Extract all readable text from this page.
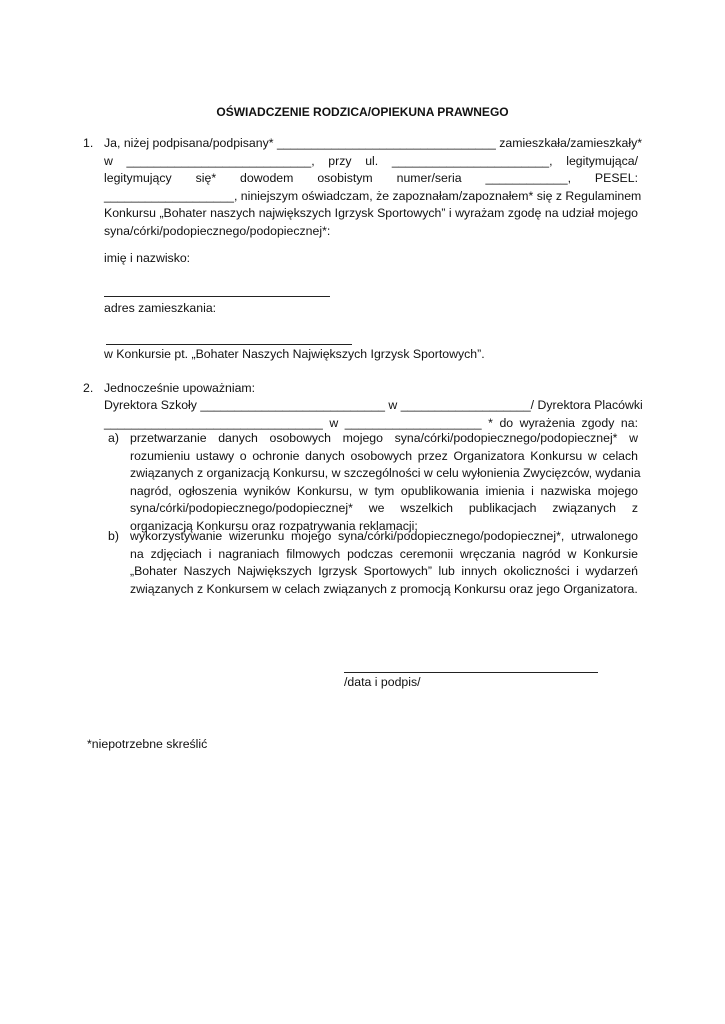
OŚWIADCZENIE RODZICA/OPIEKUNA PRAWNEGO
1. Ja, niżej podpisana/podpisany* ________________________________ zamieszkała/zamieszkały*
w ___________________________, przy ul. _______________________, legitymująca/
legitymujący się* dowodem osobistym numer/seria ____________, PESEL:
___________________, niniejszym oświadczam, że zapoznałam/zapoznałem* się z Regulaminem
Konkursu „Bohater naszych największych Igrzysk Sportowych” i wyrażam zgodę na udział mojego
syna/córki/podopiecznego/podopiecznej*:
imię i nazwisko:
adres zamieszkania:
w Konkursie pt. „Bohater Naszych Największych Igrzysk Sportowych”.
2. Jednocześnie upoważniam:
Dyrektora Szkoły ___________________________ w ___________________/ Dyrektora Placówki
________________________________ w ____________________ * do wyrażenia zgody na:
a) przetwarzanie danych osobowych mojego syna/córki/podopiecznego/podopiecznej* w
rozumieniu ustawy o ochronie danych osobowych przez Organizatora Konkursu w celach
związanych z organizacją Konkursu, w szczególności w celu wyłonienia Zwycięzców, wydania
nagród, ogłoszenia wyników Konkursu, w tym opublikowania imienia i nazwiska mojego
syna/córki/podopiecznego/podopiecznej* we wszelkich publikacjach związanych z
organizacją Konkursu oraz rozpatrywania reklamacji;
b) wykorzystywanie wizerunku mojego syna/córki/podopiecznego/podopiecznej*, utrwalonego
na zdjęciach i nagraniach filmowych podczas ceremonii wręczania nagród w Konkursie
„Bohater Naszych Największych Igrzysk Sportowych” lub innych okoliczności i wydarzeń
związanych z Konkursem w celach związanych z promocją Konkursu oraz jego Organizatora.
/data i podpis/
*niepotrzebne skreślić
